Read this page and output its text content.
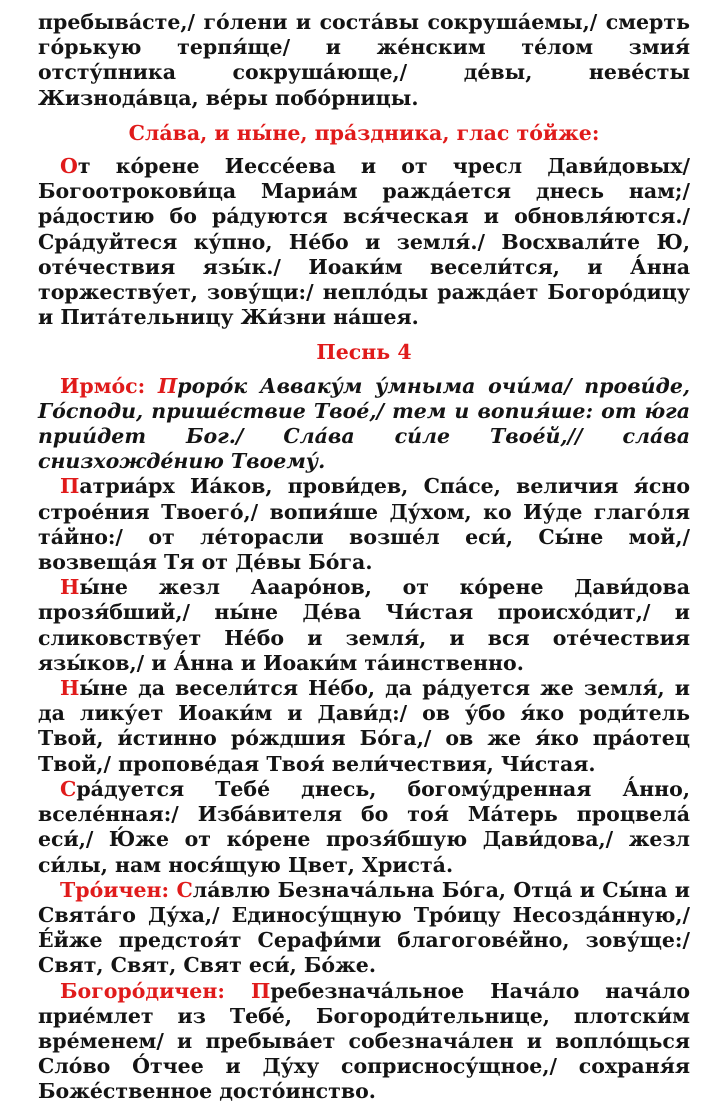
пребыва́сте,/ го́лени и соста́вы сокруша́емы,/ смерть го́рькую терпя́ще/ и же́нским те́лом змия́ отсту́пника сокруша́юще,/ де́вы, неве́сты Жизнода́вца, ве́ры побо́рницы.

Сла́ва, и ны́не, пра́здника, глас то́йже:

От ко́рене Иессе́ева и от чресл Дави́довых/ Богоотрокови́ца Мариа́м ражда́ется днесь нам;/ ра́достию бо ра́дуются вся́ческая и обновля́ются./ Сра́дуйтеся ку́пно, Не́бо и земля́./ Восхвали́те Ю, оте́чествия язы́к./ Иоаки́м весели́тся, и А́нна торжеству́ет, зову́щи:/ непло́ды ражда́ет Богоро́дицу и Пита́тельницу Жи́зни на́шея.

Песнь 4

Ирмо́с: Проро́к Авваку́м у́мныма очи́ма/ прови́де, Го́споди, прише́ствие Твое́,/ тем и вопия́ше: от ю́га прии́дет Бог./ Сла́ва си́ле Твое́й,// сла́ва снизхожде́нию Твоему́.

Патриа́рх Иа́ков, прови́дев, Спа́се, величия я́сно строе́ния Твоего́,/ вопия́ше Ду́хом, ко Иу́де глаго́ля та́йно:/ от ле́торасли возше́л еси́, Сы́не мой,/ возвеща́я Тя от Де́вы Бо́га.

Ны́не жезл Аааро́нов, от ко́рене Дави́дова прозя́бший,/ ны́не Де́ва Чи́стая происхо́дит,/ и сликовству́ет Не́бо и земля́, и вся оте́чествия язы́ков,/ и А́нна и Иоаки́м та́инственно.

Ны́не да весели́тся Не́бо, да ра́дуется же земля́, и да лику́ет Иоаки́м и Дави́д:/ ов у́бо я́ко роди́тель Твой, и́стинно ро́ждшия Бо́га,/ ов же я́ко пра́отец Твой,/ пропове́дая Твоя́ вели́чествия, Чи́стая.

Сра́дуется Тебе́ днесь, богому́дренная А́нно, вселе́нная:/ Изба́вителя бо тоя́ Ма́терь процвела́ еси́,/ Ю́же от ко́рене прозя́бшую Дави́дова,/ жезл си́лы, нам нося́щую Цвет, Христа́.

Тро́ичен: Сла́влю Безнача́льна Бо́га, Отца́ и Сы́на и Свята́го Ду́ха,/ Единосу́щную Тро́ицу Несозда́нную,/ Е́йже предстоя́т Серафи́ми благогове́йно, зову́ще:/ Свят, Свят, Свят еси́, Бо́же.

Богоро́дичен: Пребезнача́льное Нача́ло нача́ло прие́млет из Тебе́, Богороди́тельнице, плотски́м вре́менем/ и пребыва́ет собезнача́лен и вопло́щься Сло́во О́тчее и Ду́ху соприсносу́щное,/ сохраня́я Боже́ственное досто́инство.
